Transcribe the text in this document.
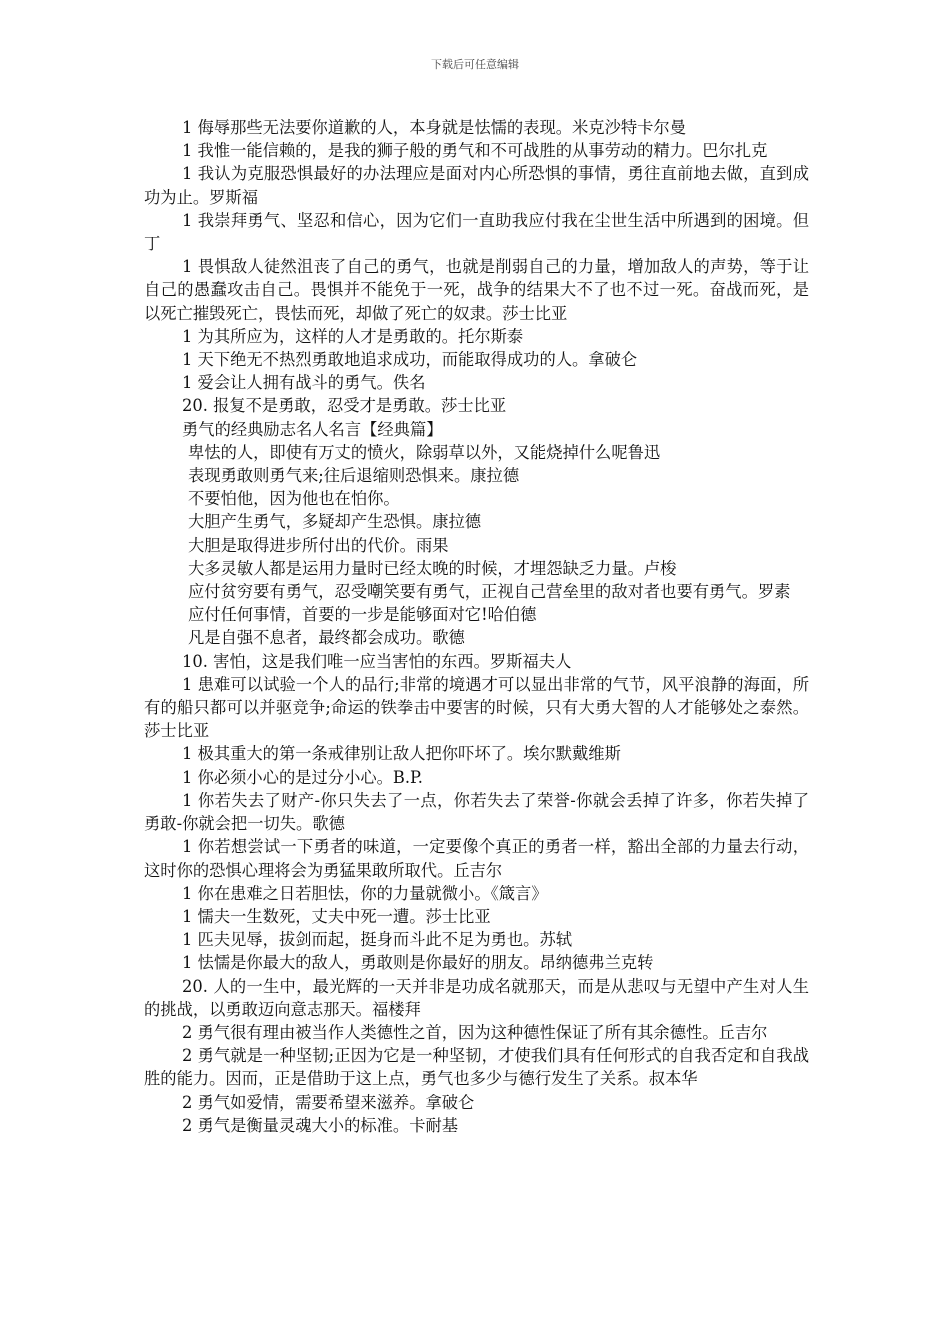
下载后可任意编辑

1 侮辱那些无法要你道歉的人，本身就是怯懦的表现。米克沙特卡尔曼

1 我惟一能信赖的，是我的狮子般的勇气和不可战胜的从事劳动的精力。巴尔扎克

1 我认为克服恐惧最好的办法理应是面对内心所恐惧的事情，勇往直前地去做，直到成功为止。罗斯福

1 我崇拜勇气、坚忍和信心，因为它们一直助我应付我在尘世生活中所遇到的困境。但丁

1 畏惧敌人徒然沮丧了自己的勇气，也就是削弱自己的力量，增加敌人的声势，等于让自己的愚蠢攻击自己。畏惧并不能免于一死，战争的结果大不了也不过一死。奋战而死，是以死亡摧毁死亡，畏怯而死，却做了死亡的奴隶。莎士比亚

1 为其所应为，这样的人才是勇敢的。托尔斯泰

1 天下绝无不热烈勇敢地追求成功，而能取得成功的人。拿破仑

1 爱会让人拥有战斗的勇气。佚名

20. 报复不是勇敢，忍受才是勇敢。莎士比亚

勇气的经典励志名人名言【经典篇】

卑怯的人，即使有万丈的愤火，除弱草以外，又能烧掉什么呢鲁迅

表现勇敢则勇气来;往后退缩则恐惧来。康拉德

不要怕他，因为他也在怕你。

大胆产生勇气，多疑却产生恐惧。康拉德

大胆是取得进步所付出的代价。雨果

大多灵敏人都是运用力量时已经太晚的时候，才埋怨缺乏力量。卢梭

应付贫穷要有勇气，忍受嘲笑要有勇气，正视自己营垒里的敌对者也要有勇气。罗素

应付任何事情，首要的一步是能够面对它!哈伯德

凡是自强不息者，最终都会成功。歌德

10. 害怕，这是我们唯一应当害怕的东西。罗斯福夫人

1 患难可以试验一个人的品行;非常的境遇才可以显出非常的气节，风平浪静的海面，所有的船只都可以并驱竞争;命运的铁拳击中要害的时候，只有大勇大智的人才能够处之泰然。莎士比亚

1 极其重大的第一条戒律别让敌人把你吓坏了。埃尔默戴维斯

1 你必须小心的是过分小心。B.P.

1 你若失去了财产-你只失去了一点，你若失去了荣誉-你就会丢掉了许多，你若失掉了勇敢-你就会把一切失。歌德

1 你若想尝试一下勇者的味道，一定要像个真正的勇者一样，豁出全部的力量去行动，这时你的恐惧心理将会为勇猛果敢所取代。丘吉尔

1 你在患难之日若胆怯，你的力量就微小。《箴言》

1 懦夫一生数死，丈夫中死一遭。莎士比亚

1 匹夫见辱，拔剑而起，挺身而斗此不足为勇也。苏轼

1 怯懦是你最大的敌人，勇敢则是你最好的朋友。昂纳德弗兰克转

20. 人的一生中，最光辉的一天并非是功成名就那天，而是从悲叹与无望中产生对人生的挑战，以勇敢迈向意志那天。福楼拜

2 勇气很有理由被当作人类德性之首，因为这种德性保证了所有其余德性。丘吉尔

2 勇气就是一种坚韧;正因为它是一种坚韧，才使我们具有任何形式的自我否定和自我战胜的能力。因而，正是借助于这上点，勇气也多少与德行发生了关系。叔本华

2 勇气如爱情，需要希望来滋养。拿破仑

2 勇气是衡量灵魂大小的标准。卡耐基
